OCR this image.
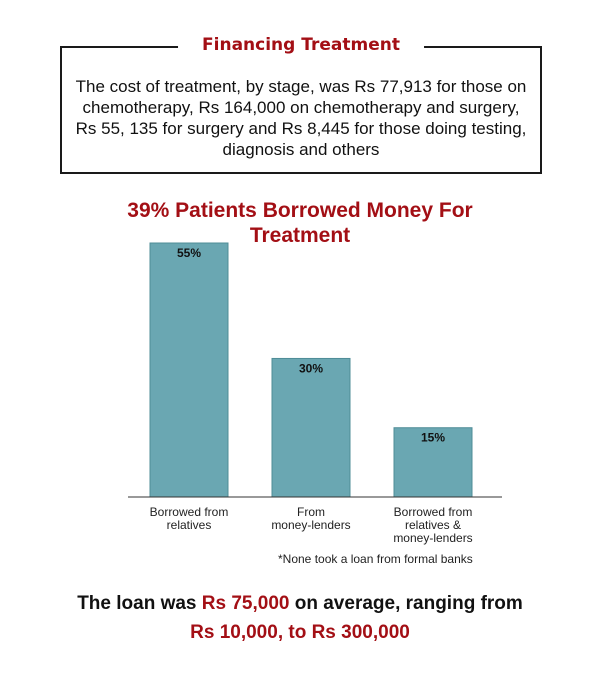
Financing Treatment
The cost of treatment, by stage, was Rs 77,913 for those on chemotherapy, Rs 164,000 on chemotherapy and surgery, Rs 55, 135 for surgery and Rs 8,445 for those doing testing, diagnosis and others
39% Patients Borrowed Money For Treatment
55%
Borrowed from
relatives
30%
From
money-lenders
15%
Borrowed from
relatives &
money-lenders
*None took a loan from formal banks
The loan was Rs 75,000 on average, ranging from
Rs 10,000, to Rs 300,000
